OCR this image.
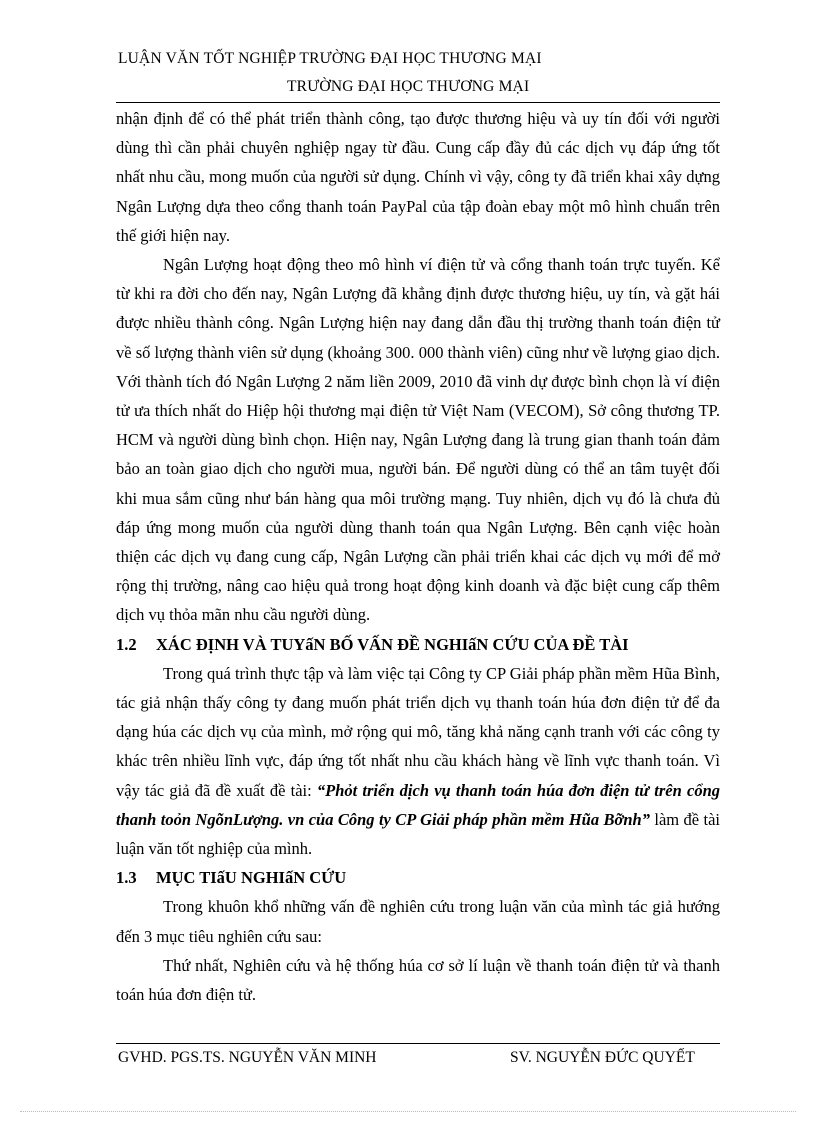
LUẬN VĂN TỐT NGHIỆP TRƯỜNG ĐẠI HỌC THƯƠNG MẠI
TRƯỜNG ĐẠI HỌC THƯƠNG MẠI

nhận định để có thể phát triển thành công, tạo được thương hiệu và uy tín đối với người dùng thì cần phải chuyên nghiệp ngay từ đầu. Cung cấp đầy đủ các dịch vụ đáp ứng tốt nhất nhu cầu, mong muốn của người sử dụng. Chính vì vậy, công ty đã triển khai xây dựng Ngân Lượng dựa theo cổng thanh toán PayPal của tập đoàn ebay một mô hình chuẩn trên thế giới hiện nay.

Ngân Lượng hoạt động theo mô hình ví điện tử và cổng thanh toán trực tuyến. Kể từ khi ra đời cho đến nay, Ngân Lượng đã khẳng định được thương hiệu, uy tín, và gặt hái được nhiều thành công. Ngân Lượng hiện nay đang dẫn đầu thị trường thanh toán điện tử về số lượng thành viên sử dụng (khoảng 300. 000 thành viên) cũng như về lượng giao dịch. Với thành tích đó Ngân Lượng 2 năm liền 2009, 2010 đã vinh dự được bình chọn là ví điện tử ưa thích nhất do Hiệp hội thương mại điện tử Việt Nam (VECOM), Sở công thương TP. HCM và người dùng bình chọn. Hiện nay, Ngân Lượng đang là trung gian thanh toán đảm bảo an toàn giao dịch cho người mua, người bán. Để người dùng có thể an tâm tuyệt đối khi mua sắm cũng như bán hàng qua môi trường mạng. Tuy nhiên, dịch vụ đó là chưa đủ đáp ứng mong muốn của người dùng thanh toán qua Ngân Lượng. Bên cạnh việc hoàn thiện các dịch vụ đang cung cấp, Ngân Lượng cần phải triển khai các dịch vụ mới để mở rộng thị trường, nâng cao hiệu quả trong hoạt động kinh doanh và đặc biệt cung cấp thêm dịch vụ thỏa mãn nhu cầu người dùng.

1.2 XÁC ĐỊNH VÀ TUYấN BỐ VẤN ĐỀ NGHIấN CỨU CỦA ĐỀ TÀI

Trong quá trình thực tập và làm việc tại Công ty CP Giải pháp phần mềm Hũa Bình, tác giả nhận thấy công ty đang muốn phát triển dịch vụ thanh toán húa đơn điện tử để đa dạng húa các dịch vụ của mình, mở rộng qui mô, tăng khả năng cạnh tranh với các công ty khác trên nhiều lĩnh vực, đáp ứng tốt nhất nhu cầu khách hàng về lĩnh vực thanh toán. Vì vậy tác giả đã đề xuất đề tài: “Phỏt triển dịch vụ thanh toán húa đơn điện tử trên cổng thanh toỏn NgõnLượng. vn của Công ty CP Giải pháp phần mềm Hũa Bỡnh” làm đề tài luận văn tốt nghiệp của mình.

1.3 MỤC TIấU NGHIấN CỨU

Trong khuôn khổ những vấn đề nghiên cứu trong luận văn của mình tác giả hướng đến 3 mục tiêu nghiên cứu sau:

Thứ nhất, Nghiên cứu và hệ thống húa cơ sở lí luận về thanh toán điện tử và thanh toán húa đơn điện tử.

GVHD. PGS.TS. NGUYỄN VĂN MINH	SV. NGUYỄN ĐỨC QUYẾT
